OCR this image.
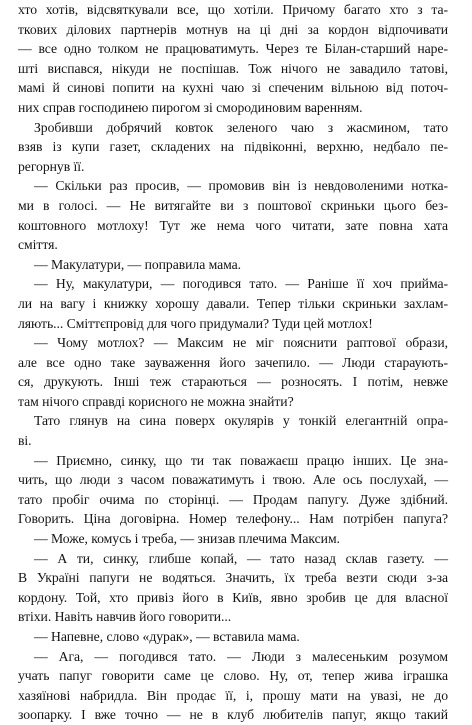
хто хотів, відсвяткували все, що хотіли. Причому багато хто з та-
ткових ділових партнерів мотнув на ці дні за кордон відпочивати
— все одно толком не працюватимуть. Через те Білан-старший нарe-
шті виспався, нікуди не поспішав. Тож нічого не завадило татові,
мамі й синові попити на кухні чаю зі спеченим вільною від поточ-
них справ господинею пирогом зі смородиновим варенням.
Зробивши добрячий ковток зеленого чаю з жасмином, тато
взяв із купи газет, складених на підвіконні, верхню, недбало пе-
регорнув її.
— Скільки раз просив, — промовив він із невдоволеними нотка-
ми в голосі. — Не витягайте ви з поштової скриньки цього без-
коштовного мотлоху! Тут же нема чого читати, зате повна хата
сміття.
— Макулатури, — поправила мама.
— Ну, макулатури, — погодився тато. — Раніше її хоч прийма-
ли на вагу і книжку хорошу давали. Тепер тільки скриньки захлам-
ляють... Сміттєпровід для чого придумали? Туди цей мотлох!
— Чому мотлох? — Максим не міг пояснити раптової образи,
але все одно таке зауваження його зачепило. — Люди стараують-
ся, друкують. Інші теж стараються — розносять. І потім, невже
там нічого справді корисного не можна знайти?
Тато глянув на сина поверх окулярів у тонкій елегантній опра-
ві.
— Приємно, синку, що ти так поважаєш працю інших. Це зна-
чить, що люди з часом поважатимуть і твою. Але ось послухай, —
тато пробіг очима по сторінці. — Продам папугу. Дуже здібний.
Говорить. Ціна договірна. Номер телефону... Нам потрібен папуга?
— Може, комусь і треба, — знизав плечима Максим.
— А ти, синку, глибше копай, — тато назад склав газету. —
В Україні папуги не водяться. Значить, їх треба везти сюди з-за
кордону. Той, хто привіз його в Київ, явно зробив це для власної
втіхи. Навіть навчив його говорити...
— Напевне, слово «дурак», — вставила мама.
— Ага, — погодився тато. — Люди з малесеньким розумом
учать папуг говорити саме це слово. Ну, от, тепер жива іграшка
хазяїнові набридла. Він продає її, і, прошу мати на увазі, не до
зоопарку. І вже точно — не в клуб любителів папуг, якщо такий
